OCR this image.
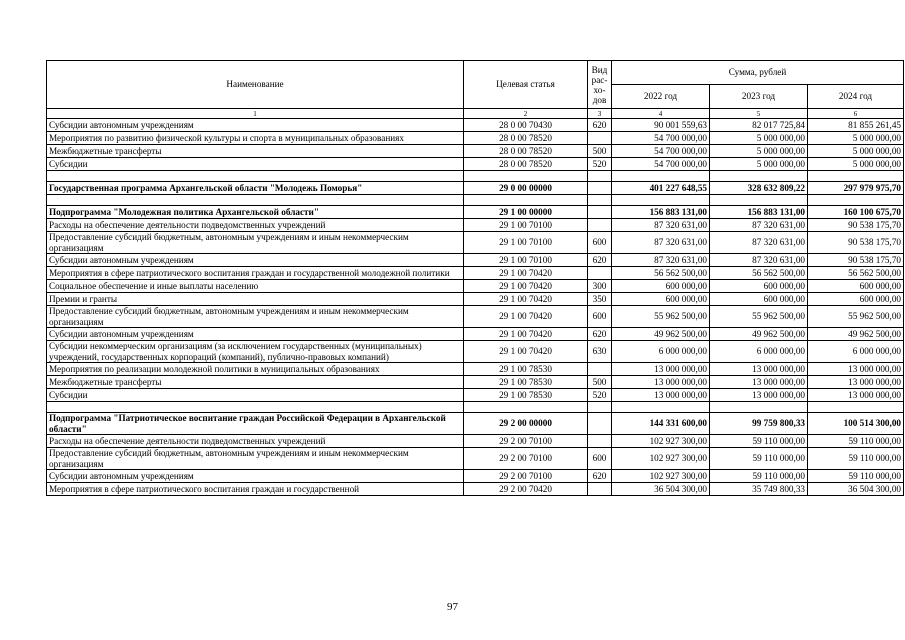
Наименование	Целевая статья	Вид рас- хо- дов	Сумма, рублей		
			2022 год	2023 год	2024 год
1	2	3	4	5	6
Субсидии автономным учреждениям	28 0 00 70430	620	90 001 559,63	82 017 725,84	81 855 261,45
Мероприятия по развитию физической культуры и спорта в муниципальных образованиях	28 0 00 78520		54 700 000,00	5 000 000,00	5 000 000,00
Межбюджетные трансферты	28 0 00 78520	500	54 700 000,00	5 000 000,00	5 000 000,00
Субсидии	28 0 00 78520	520	54 700 000,00	5 000 000,00	5 000 000,00

Государственная программа Архангельской области "Молодежь Поморья"	29 0 00 00000		401 227 648,55	328 632 809,22	297 979 975,70

Подпрограмма "Молодежная политика Архангельской области"	29 1 00 00000		156 883 131,00	156 883 131,00	160 100 675,70
Расходы на обеспечение деятельности подведомственных учреждений	29 1 00 70100		87 320 631,00	87 320 631,00	90 538 175,70
Предоставление субсидий бюджетным, автономным учреждениям и иным некоммерческим организациям	29 1 00 70100	600	87 320 631,00	87 320 631,00	90 538 175,70
Субсидии автономным учреждениям	29 1 00 70100	620	87 320 631,00	87 320 631,00	90 538 175,70
Мероприятия в сфере патриотического воспитания граждан и государственной молодежной политики	29 1 00 70420		56 562 500,00	56 562 500,00	56 562 500,00
Социальное обеспечение и иные выплаты населению	29 1 00 70420	300	600 000,00	600 000,00	600 000,00
Премии и гранты	29 1 00 70420	350	600 000,00	600 000,00	600 000,00
Предоставление субсидий бюджетным, автономным учреждениям и иным некоммерческим организациям	29 1 00 70420	600	55 962 500,00	55 962 500,00	55 962 500,00
Субсидии автономным учреждениям	29 1 00 70420	620	49 962 500,00	49 962 500,00	49 962 500,00
Субсидии некоммерческим организациям (за исключением государственных (муниципальных) учреждений, государственных корпораций (компаний), публично-правовых компаний)	29 1 00 70420	630	6 000 000,00	6 000 000,00	6 000 000,00
Мероприятия по реализации молодежной политики в муниципальных образованиях	29 1 00 78530		13 000 000,00	13 000 000,00	13 000 000,00
Межбюджетные трансферты	29 1 00 78530	500	13 000 000,00	13 000 000,00	13 000 000,00
Субсидии	29 1 00 78530	520	13 000 000,00	13 000 000,00	13 000 000,00

Подпрограмма "Патриотическое воспитание граждан Российской Федерации в Архангельской области"	29 2 00 00000		144 331 600,00	99 759 800,33	100 514 300,00
Расходы на обеспечение деятельности подведомственных учреждений	29 2 00 70100		102 927 300,00	59 110 000,00	59 110 000,00
Предоставление субсидий бюджетным, автономным учреждениям и иным некоммерческим организациям	29 2 00 70100	600	102 927 300,00	59 110 000,00	59 110 000,00
Субсидии автономным учреждениям	29 2 00 70100	620	102 927 300,00	59 110 000,00	59 110 000,00
Мероприятия в сфере патриотического воспитания граждан и государственной	29 2 00 70420		36 504 300,00	35 749 800,33	36 504 300,00
97
